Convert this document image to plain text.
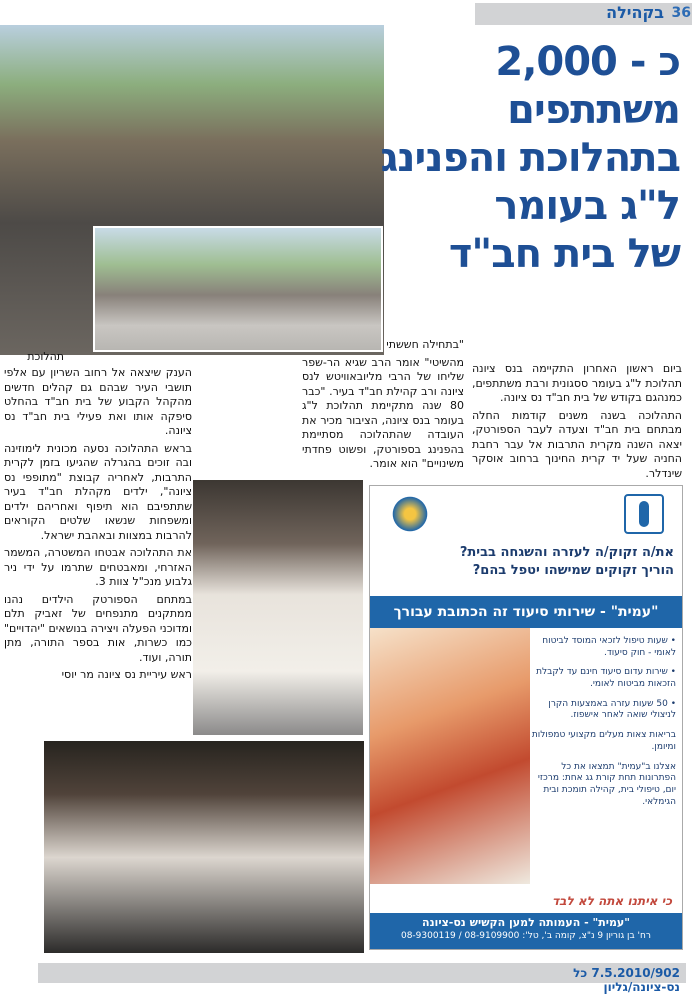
בקהילה 36
כ - 2,000
משתתפים
בתהלוכת והפנינג
ל"ג בעומר
של בית חב"ד

ביום ראשון האחרון התקיימה בנס ציונה תהלוכת ל"ג בעומר ססגונית ורבת משתתפים, כמנהגם בקודש של בית חב"ד נס ציונה.

התהלוכה בשנה משנים קודמות החלה מבתחם בית חב"ד וצעדה לעבר הספורטק, יצאה השנה מקרית התרבות אל עבר רחבת החניה שעל יד קרית החינוך ברחוב אוסקר שינדלר.

"בתחילה חששתי

מהשיטי" אומר הרב שגיא הר-שפר שליחו של הרבי מליובאוויטש לנס ציונה ורב קהילת חב"ד בעיר. "כבר 80 שנה מתקיימת תהלוכת ל"ג בעומר בנס ציונה, הציבור מכיר את העובדה שהתהלוכה מסתיימת בהפנינג בספורטק, ופשוט פחדתי משינויים" הוא אומר.

תהלוכת

הענק שיצאה אל רחוב השריון עם אלפי תושבי העיר שבהם גם קהלים חדשים מהקהל הקבוע של בית חב"ד בהחלט סיפקה אותו ואת פעילי בית חב"ד נס ציונה.

בראש התהלוכה נסעה מכונית לימוזינה ובה זוכים בהגרלה שהגיעו בזמן לקרית התרבות, לאחריה קבוצת "מתופפי נס ציונה", ילדים מקהלת חב"ד בעיר שתתפיבם הוא תיפוף ואחריהם ילדים ומשפחות שנשאו שלטים הקוראים להרבות במצוות ובאהבת ישראל.

את התהלוכה אבטחו המשטרה, המשמר האזרחי, ומאבטחים שתרמו על ידי ניר גלבוע מנכ"ל צוות 3.

במתחם הספורטק הילדים נהנו ממתקנים מתנפחים של זאביק תלם ומדוכני הפעלה ויצירה בנושאים "יהדויים" כמו כשרות, אות בספר התורה, מתן תורה, ועוד.

ראש עיריית נס ציונה מר יוסי

את/ה זקוק/ה לעזרה והשגחה בבית?
הוריך זקוקים שמישהו יטפל בהם?
"עמית" - שירותי סיעוד זה הכתובת עבורך
• שעות טיפול לזכאי המוסד לביטוח לאומי - חוק סיעוד.
• שירות עדום סיעוד חינם עד לקבלת הזכאות מביטוח לאומי.
• 50 שעות עזרה באמצעות הקרן לניצולי שואה לאחר אישפוז.
בריאות צאות מעלים מקצועי טמפולות ומיומן.
אצלנו ב"עמית" תמצאו את כל הפתרונות תחת קורת גג אחת: מרכזי יום, טיפולי בית, קהילה תומכת ובית הגימלאי.
כי איתנו אתה לא לבד
"עמית" - העמותה למען הקשיש נס-ציונה
רח' בן גוריון 9 נ"צ, קומה ב', טל': 08-9109900 / 08-9300119
7.5.2010/902 כל נס-ציונה/גליון
